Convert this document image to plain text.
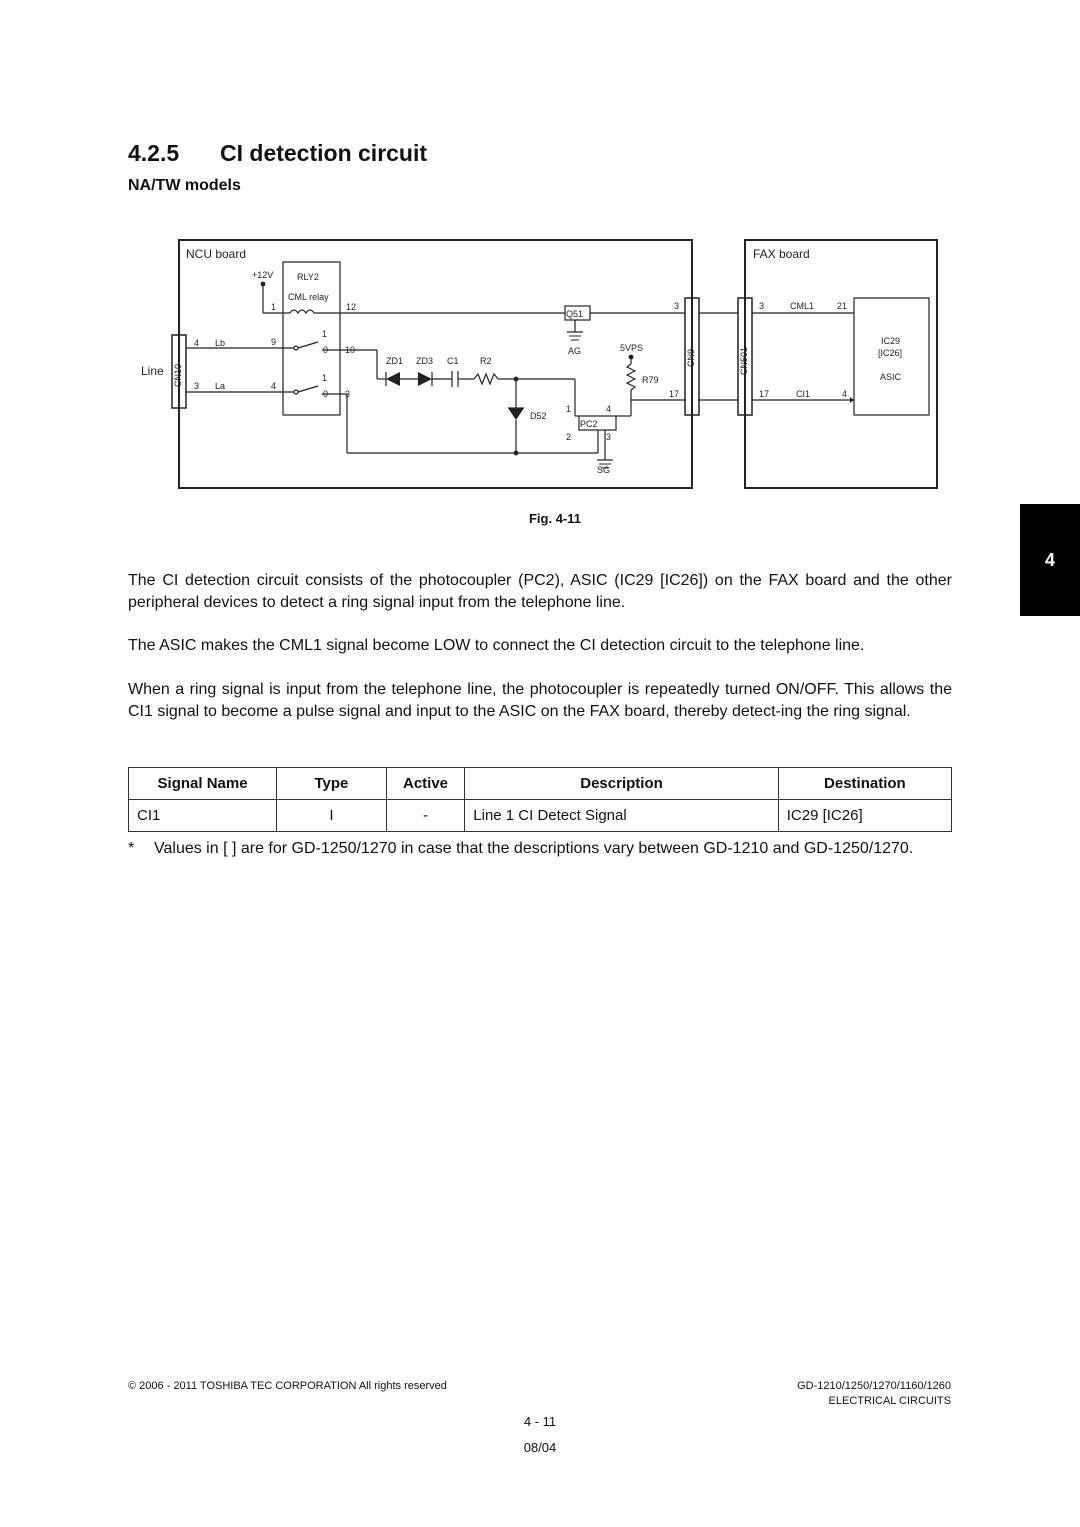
4.2.5 CI detection circuit
NA/TW models
NCU board	FAX board
+12V	RLY2
CML relay
Line CN10
CN9	CN501
Lb
La
ZD1 ZD3 C1 R2
Q51
AG	5VPS
R79
D52
PC2
SG
CML1
CI1
IC29
[IC26]
ASIC
1	12	3	3	21
4
3
9
4
1
0
1
0
10
3	17	17	4
1	4
2	3
Fig. 4-11
The CI detection circuit consists of the photocoupler (PC2), ASIC (IC29 [IC26]) on the FAX board and the other peripheral devices to detect a ring signal input from the telephone line.
The ASIC makes the CML1 signal become LOW to connect the CI detection circuit to the telephone line.
When a ring signal is input from the telephone line, the photocoupler is repeatedly turned ON/OFF. This allows the CI1 signal to become a pulse signal and input to the ASIC on the FAX board, thereby detect-ing the ring signal.
Signal Name	Type	Active	Description	Destination
CI1	I	-	Line 1 CI Detect Signal	IC29 [IC26]
* Values in [ ] are for GD-1250/1270 in case that the descriptions vary between GD-1210 and GD-1250/1270.
4
© 2006 - 2011 TOSHIBA TEC CORPORATION All rights reserved	GD-1210/1250/1270/1160/1260
ELECTRICAL CIRCUITS
4 - 11
08/04
